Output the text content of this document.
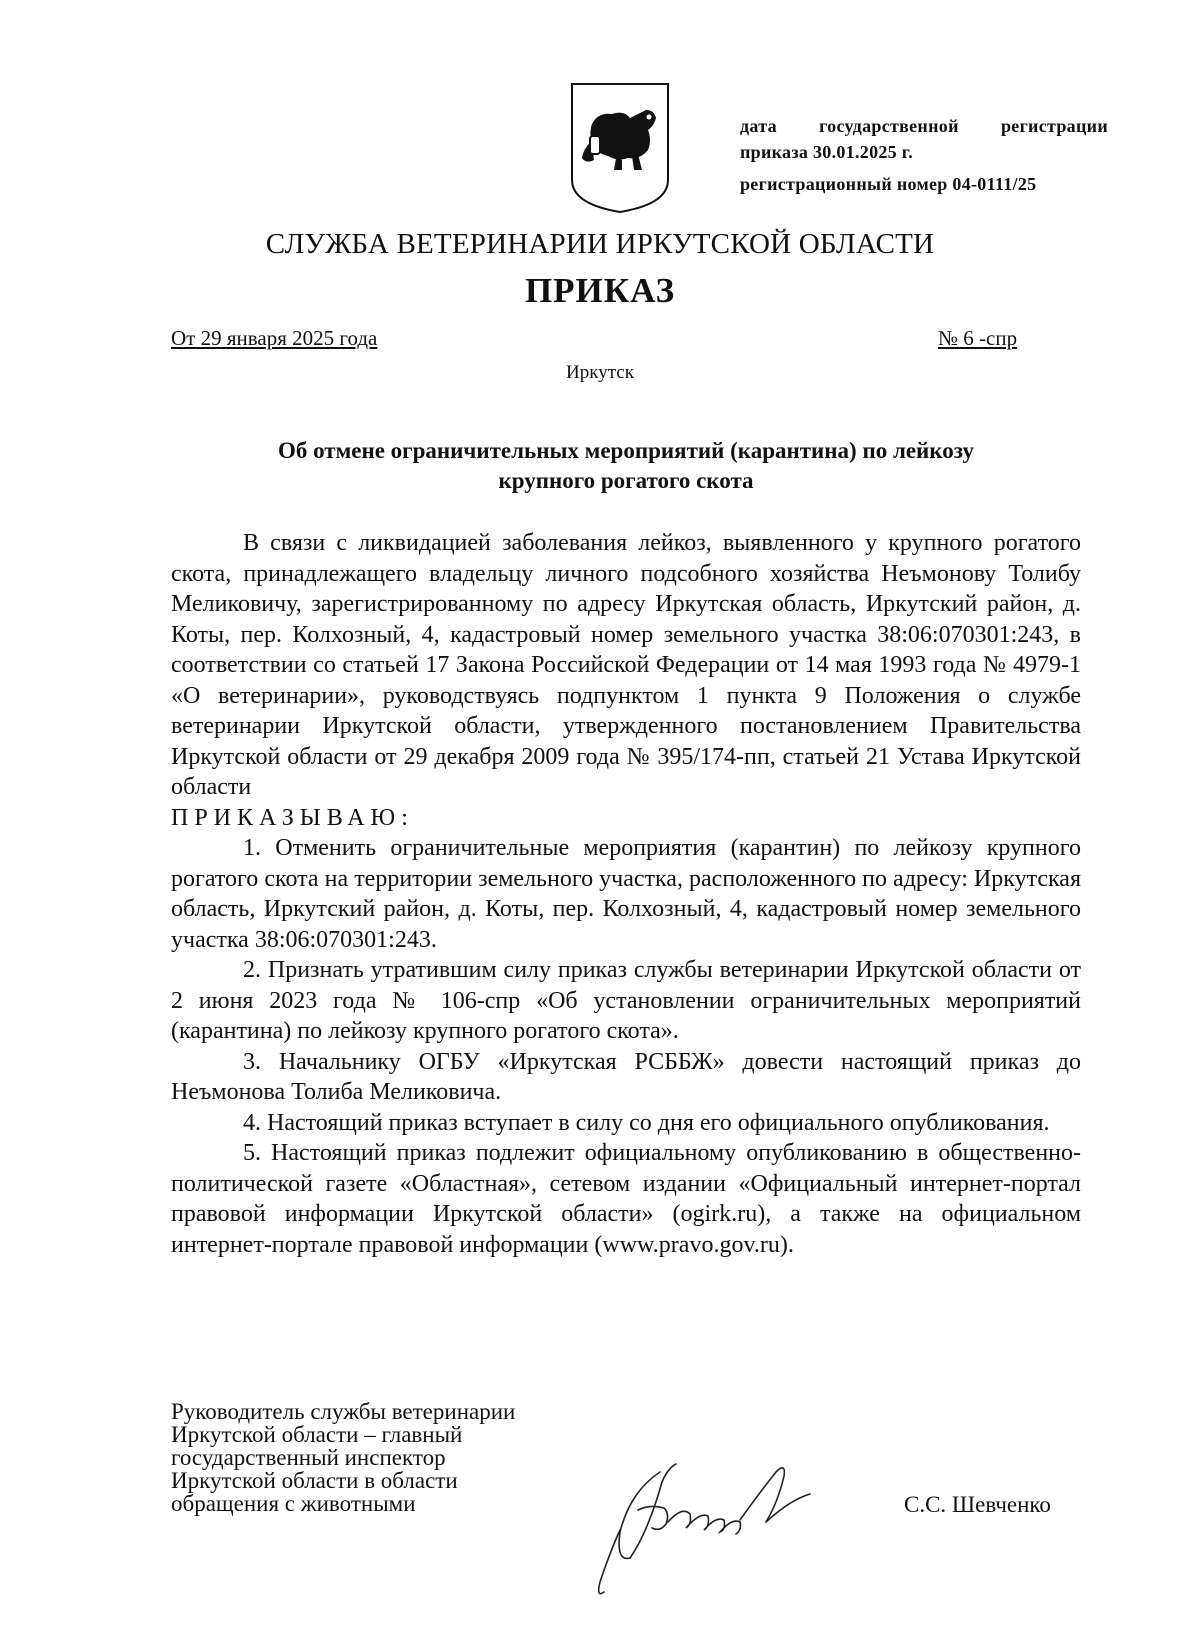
дата государственной регистрации
приказа 30.01.2025 г.
регистрационный номер 04-0111/25
СЛУЖБА ВЕТЕРИНАРИИ ИРКУТСКОЙ ОБЛАСТИ
ПРИКАЗ
От 29 января 2025 года	№ 6 -спр
Иркутск
Об отмене ограничительных мероприятий (карантина) по лейкозу
крупного рогатого скота

В связи с ликвидацией заболевания лейкоз, выявленного у крупного рогатого скота, принадлежащего владельцу личного подсобного хозяйства Неъмонову Толибу Меликовичу, зарегистрированному по адресу Иркутская область, Иркутский район, д. Коты, пер. Колхозный, 4, кадастровый номер земельного участка 38:06:070301:243, в соответствии со статьей 17 Закона Российской Федерации от 14 мая 1993 года № 4979-1 «О ветеринарии», руководствуясь подпунктом 1 пункта 9 Положения о службе ветеринарии Иркутской области, утвержденного постановлением Правительства Иркутской области от 29 декабря 2009 года № 395/174-пп, статьей 21 Устава Иркутской области

ПРИКАЗЫВАЮ:

1. Отменить ограничительные мероприятия (карантин) по лейкозу крупного рогатого скота на территории земельного участка, расположенного по адресу: Иркутская область, Иркутский район, д. Коты, пер. Колхозный, 4, кадастровый номер земельного участка 38:06:070301:243.

2. Признать утратившим силу приказ службы ветеринарии Иркутской области от 2 июня 2023 года № 106-спр «Об установлении ограничительных мероприятий (карантина) по лейкозу крупного рогатого скота».

3. Начальнику ОГБУ «Иркутская РСББЖ» довести настоящий приказ до Неъмонова Толиба Меликовича.

4. Настоящий приказ вступает в силу со дня его официального опубликования.

5. Настоящий приказ подлежит официальному опубликованию в общественно-политической газете «Областная», сетевом издании «Официальный интернет-портал правовой информации Иркутской области» (ogirk.ru), а также на официальном интернет-портале правовой информации (www.pravo.gov.ru).

Руководитель службы ветеринарии
Иркутской области – главный
государственный инспектор
Иркутской области в области
обращения с животными	С.С. Шевченко
